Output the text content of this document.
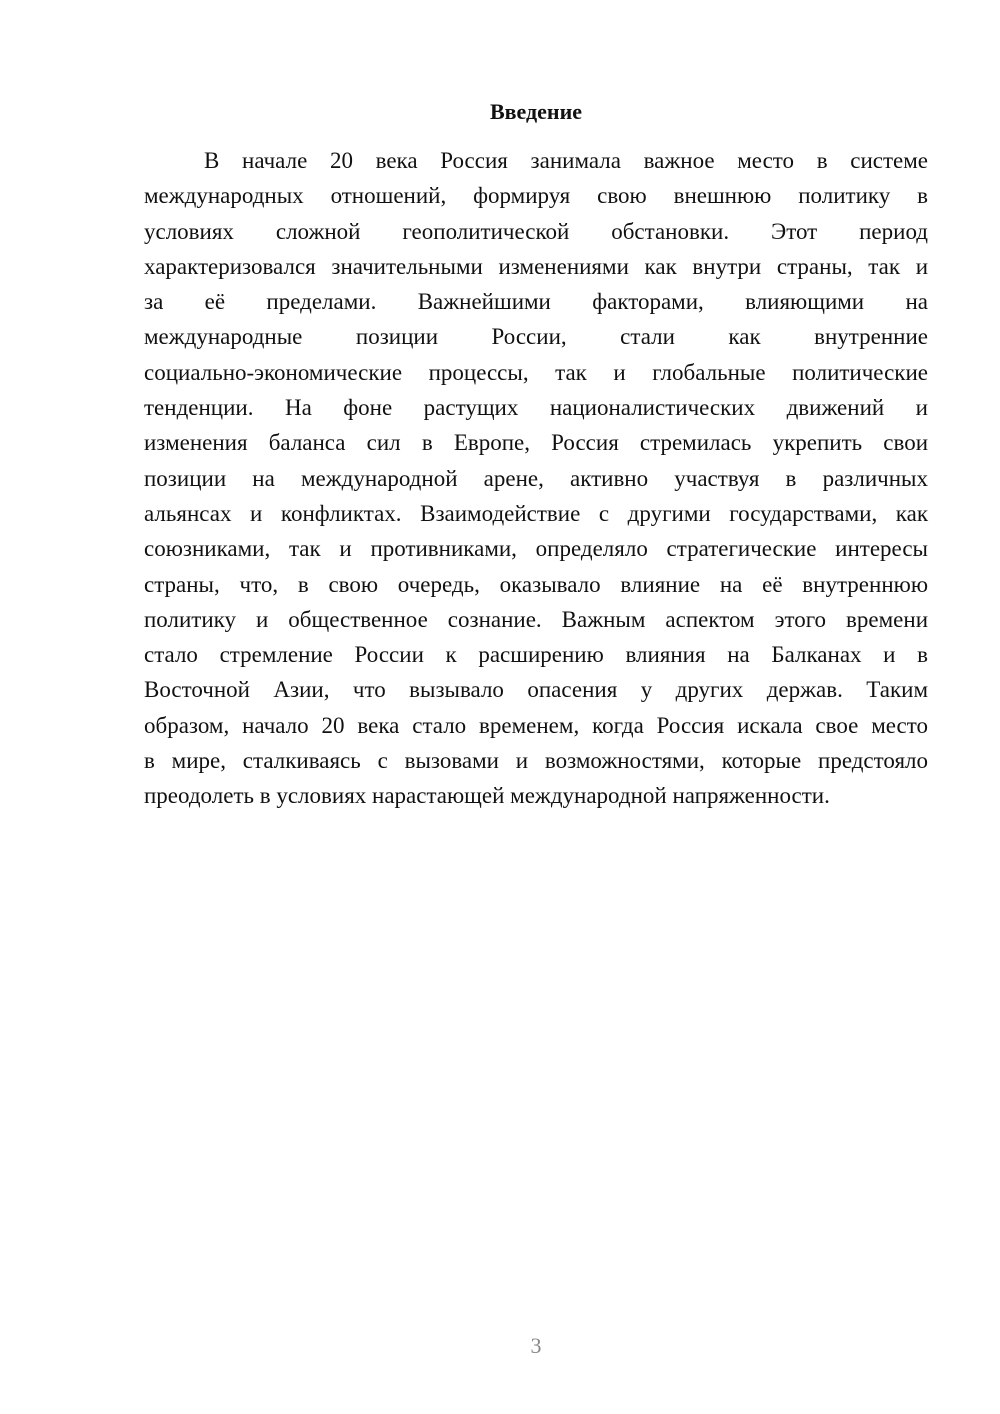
Введение
В начале 20 века Россия занимала важное место в системе
международных отношений, формируя свою внешнюю политику в
условиях сложной геополитической обстановки. Этот период
характеризовался значительными изменениями как внутри страны, так и
за её пределами. Важнейшими факторами, влияющими на
международные позиции России, стали как внутренние
социально-экономические процессы, так и глобальные политические
тенденции. На фоне растущих националистических движений и
изменения баланса сил в Европе, Россия стремилась укрепить свои
позиции на международной арене, активно участвуя в различных
альянсах и конфликтах. Взаимодействие с другими государствами, как
союзниками, так и противниками, определяло стратегические интересы
страны, что, в свою очередь, оказывало влияние на её внутреннюю
политику и общественное сознание. Важным аспектом этого времени
стало стремление России к расширению влияния на Балканах и в
Восточной Азии, что вызывало опасения у других держав. Таким
образом, начало 20 века стало временем, когда Россия искала свое место
в мире, сталкиваясь с вызовами и возможностями, которые предстояло
преодолеть в условиях нарастающей международной напряженности.
3
